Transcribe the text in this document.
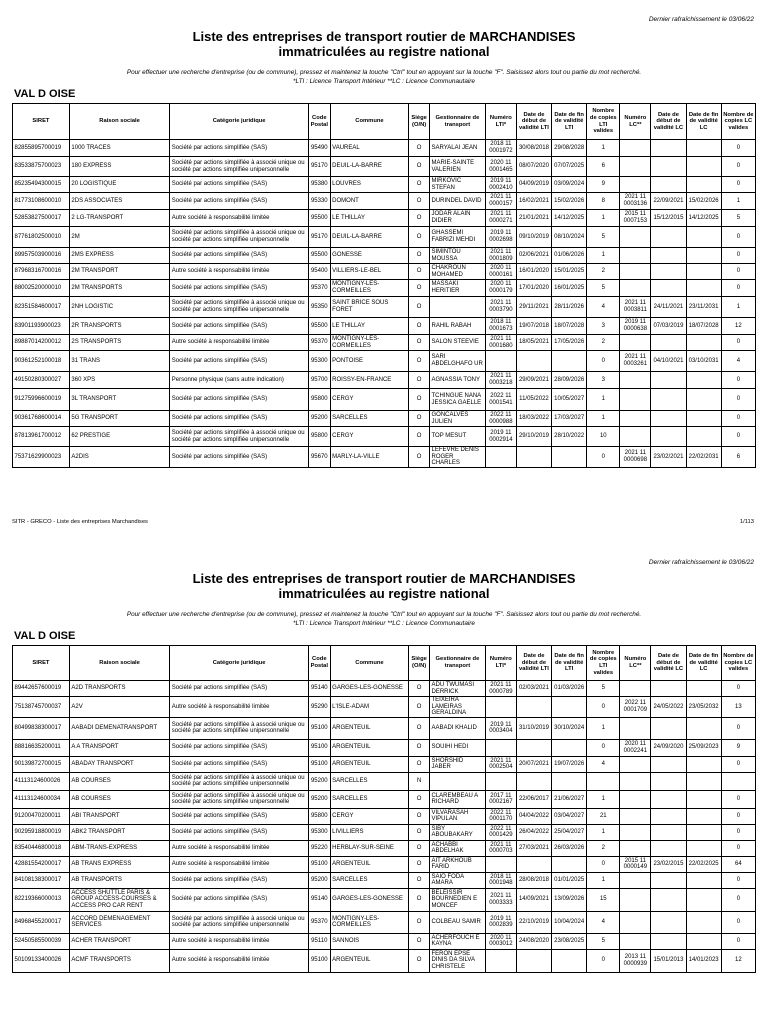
Dernier rafraîchissement le 03/06/22
Liste des entreprises de transport routier de MARCHANDISES
immatriculées au registre national
Pour effectuer une recherche d'entreprise (ou de commune), pressez et maintenez la touche "Ctrl" tout en appuyant sur la touche "F". Saisissez alors tout ou partie du mot recherché.
*LTI : Licence Transport Intérieur **LC : Licence Communautaire
VAL D OISE
SIRET	Raison sociale	Catégorie juridique	Code Postal	Commune	Siège (O/N)	Gestionnaire de transport	Numéro LTI*	Date de début de validité LTI	Date de fin de validité LTI	Nombre de copies LTI valides	Numéro LC**	Date de début de validité LC	Date de fin de validité LC	Nombre de copies LC valides
82855895700019	1000 TRACES	Société par actions simplifiée (SAS)	95490	VAUREAL	O	SARYALAI JEAN	2018 11 0001972	30/08/2018	29/08/2028	1				0
83533875700023	180 EXPRESS	Société par actions simplifiée à associé unique ou société par actions simplifiée unipersonnelle	95170	DEUIL-LA-BARRE	O	MARIE-SAINTE VALERIEN	2020 11 0001465	08/07/2020	07/07/2025	6				0
85235494300015	20 LOGISTIQUE	Société par actions simplifiée (SAS)	95380	LOUVRES	O	MIRKOVIC STEFAN	2019 11 0002410	04/09/2019	03/09/2024	9				0
81773108600010	2DS ASSOCIATES	Société par actions simplifiée (SAS)	95330	DOMONT	O	DURINDEL DAVID	2021 11 0000157	16/02/2021	15/02/2026	8	2021 11 0003136	22/09/2021	15/02/2026	1
52853827500017	2 LG-TRANSPORT	Autre société à responsabilité limitée	95500	LE THILLAY	O	JODAR ALAIN DIDIER	2021 11 0000271	21/01/2021	14/12/2025	1	2015 11 0007153	15/12/2015	14/12/2025	5
87761802500010	2M	Société par actions simplifiée à associé unique ou société par actions simplifiée unipersonnelle	95170	DEUIL-LA-BARRE	O	GHASSEMI FABRIZI MEHDI	2019 11 0002698	09/10/2019	08/10/2024	5				0
89957503900016	2MS EXPRESS	Société par actions simplifiée (SAS)	95500	GONESSE	O	SIMINTOU MOUSSA	2021 11 0001809	02/06/2021	01/06/2026	1				0
87968316700016	2M TRANSPORT	Autre société à responsabilité limitée	95400	VILLIERS-LE-BEL	O	CHAKROUN MOHAMED	2020 11 0000161	16/01/2020	15/01/2025	2				0
88002520000010	2M TRANSPORTS	Société par actions simplifiée (SAS)	95370	MONTIGNY-LES-CORMEILLES	O	MASSAKI HERITIER	2020 11 0000179	17/01/2020	16/01/2025	5				0
82351584600017	2NH LOGISTIC	Société par actions simplifiée à associé unique ou société par actions simplifiée unipersonnelle	95350	SAINT BRICE SOUS FORET	O		2021 11 0003790	29/11/2021	28/11/2026	4	2021 11 0003811	24/11/2021	23/11/2031	1
83901193900023	2R TRANSPORTS	Société par actions simplifiée (SAS)	95500	LE THILLAY	O	RAHIL RABAH	2018 11 0001673	19/07/2018	18/07/2028	3	2019 11 0000638	07/03/2019	18/07/2028	12
89887014200012	2S TRANSPORTS	Autre société à responsabilité limitée	95370	MONTIGNY-LES-CORMEILLES	O	SALON STEEVIE	2021 11 0001680	18/05/2021	17/05/2026	2				0
90361252100018	31 TRANS	Société par actions simplifiée (SAS)	95300	PONTOISE	O	SARI ABDELGHAFO UR				0	2021 11 0003261	04/10/2021	03/10/2031	4
49150280300027	360 XPS	Personne physique (sans autre indication)	95700	ROISSY-EN-FRANCE	O	AGNASSIA TONY	2021 11 0003218	29/09/2021	28/09/2026	3				0
91275996600019	3L TRANSPORT	Société par actions simplifiée (SAS)	95800	CERGY	O	TCHINGUE NANA JESSICA GAELLE	2022 11 0001541	11/05/2022	10/05/2027	1				0
90361768600014	5G TRANSPORT	Société par actions simplifiée (SAS)	95200	SARCELLES	O	GONCALVES JULIEN	2022 11 0000988	18/03/2022	17/03/2027	1				0
87813961700012	62 PRESTIGE	Société par actions simplifiée à associé unique ou société par actions simplifiée unipersonnelle	95800	CERGY	O	TOP MESUT	2019 11 0002914	29/10/2019	28/10/2022	10				0
75371629900023	A2DIS	Société par actions simplifiée (SAS)	95670	MARLY-LA-VILLE	O	LEFEVRE DENIS ROGER CHARLES				0	2021 11 0000698	23/02/2021	22/02/2031	6
SITR - GRECO - Liste des entreprises Marchandises	1/113
Dernier rafraîchissement le 03/06/22
Liste des entreprises de transport routier de MARCHANDISES
immatriculées au registre national
Pour effectuer une recherche d'entreprise (ou de commune), pressez et maintenez la touche "Ctrl" tout en appuyant sur la touche "F". Saisissez alors tout ou partie du mot recherché.
*LTI : Licence Transport Intérieur **LC : Licence Communautaire
VAL D OISE
SIRET	Raison sociale	Catégorie juridique	Code Postal	Commune	Siège (O/N)	Gestionnaire de transport	Numéro LTI*	Date de début de validité LTI	Date de fin de validité LTI	Nombre de copies LTI valides	Numéro LC**	Date de début de validité LC	Date de fin de validité LC	Nombre de copies LC valides
89442657600019	A2D TRANSPORTS	Société par actions simplifiée (SAS)	95140	GARGES-LES-GONESSE	O	ADU TWUMASI DERRICK	2021 11 0000789	02/03/2021	01/03/2026	5				0
75138745700037	A2V	Autre société à responsabilité limitée	95290	L'ISLE-ADAM	O	TEIXEIRA LAMEIRAS GERALDINA				0	2022 11 0001709	24/05/2022	23/05/2032	13
80499838300017	AABADI DEMENATRANSPORT	Société par actions simplifiée à associé unique ou société par actions simplifiée unipersonnelle	95100	ARGENTEUIL	O	AABADI KHALID	2019 11 0003404	31/10/2019	30/10/2024	1				0
88816635200011	A A TRANSPORT	Société par actions simplifiée (SAS)	95100	ARGENTEUIL	O	SOUIHI HEDI				0	2020 11 0002241	24/09/2020	25/09/2023	9
90139872700015	ABADAY TRANSPORT	Société par actions simplifiée (SAS)	95100	ARGENTEUIL	O	SHORSHID JABER	2021 11 0002504	20/07/2021	19/07/2026	4				0
41113124600026	AB COURSES	Société par actions simplifiée à associé unique ou société par actions simplifiée unipersonnelle	95200	SARCELLES	N									
41113124600034	AB COURSES	Société par actions simplifiée à associé unique ou société par actions simplifiée unipersonnelle	95200	SARCELLES	O	CLAREMBEAU A RICHARD	2017 11 0002167	22/06/2017	21/06/2027	1				0
91200470200011	ABI TRANSPORT	Société par actions simplifiée (SAS)	95800	CERGY	O	VILVARASAH VIPULAN	2022 11 0001170	04/04/2022	03/04/2027	21				0
90295918800019	ABK2 TRANSPORT	Société par actions simplifiée (SAS)	95300	LIVILLIERS	O	SIBY ABOUBAKARY	2022 11 0001429	26/04/2022	25/04/2027	1				0
83540446800018	ABM-TRANS-EXPRESS	Autre société à responsabilité limitée	95220	HERBLAY-SUR-SEINE	O	ACHABBI ABDELHAK	2021 11 0000703	27/03/2021	26/03/2026	2				0
42881554200017	AB TRANS EXPRESS	Autre société à responsabilité limitée	95100	ARGENTEUIL	O	AIT ARKHOUB FARID				0	2015 11 0000149	23/02/2015	22/02/2025	64
84108138300017	AB TRANSPORTS	Société par actions simplifiée (SAS)	95200	SARCELLES	O	SAIO FODA AMARA	2018 11 0001948	28/08/2018	01/01/2025	1				0
82219366000013	ACCESS SHUTTLE PARIS & GROUP ACCESS-COURSES & ACCESS PRO CAR RENT	Société par actions simplifiée (SAS)	95140	GARGES-LES-GONESSE	O	BELEISSIR BOURNEDIEN E MONCEF	2021 11 0003333	14/09/2021	13/09/2026	15				0
84968455200017	ACCORD DEMENAGEMENT SERVICES	Société par actions simplifiée à associé unique ou société par actions simplifiée unipersonnelle	95370	MONTIGNY-LES-CORMEILLES	O	COLBEAU SAMIR	2019 11 0002839	22/10/2019	10/04/2024	4				0
52450585500039	ACHER TRANSPORT	Autre société à responsabilité limitée	95110	SANNOIS	O	ACHERFOUCH E KAYNA	2020 11 0003012	24/08/2020	23/08/2025	5				0
50109133400026	ACMF TRANSPORTS	Autre société à responsabilité limitée	95100	ARGENTEUIL	O	FERON EPSE DINIS DA SILVA CHRISTELE				0	2013 11 0000939	15/01/2013	14/01/2023	12
